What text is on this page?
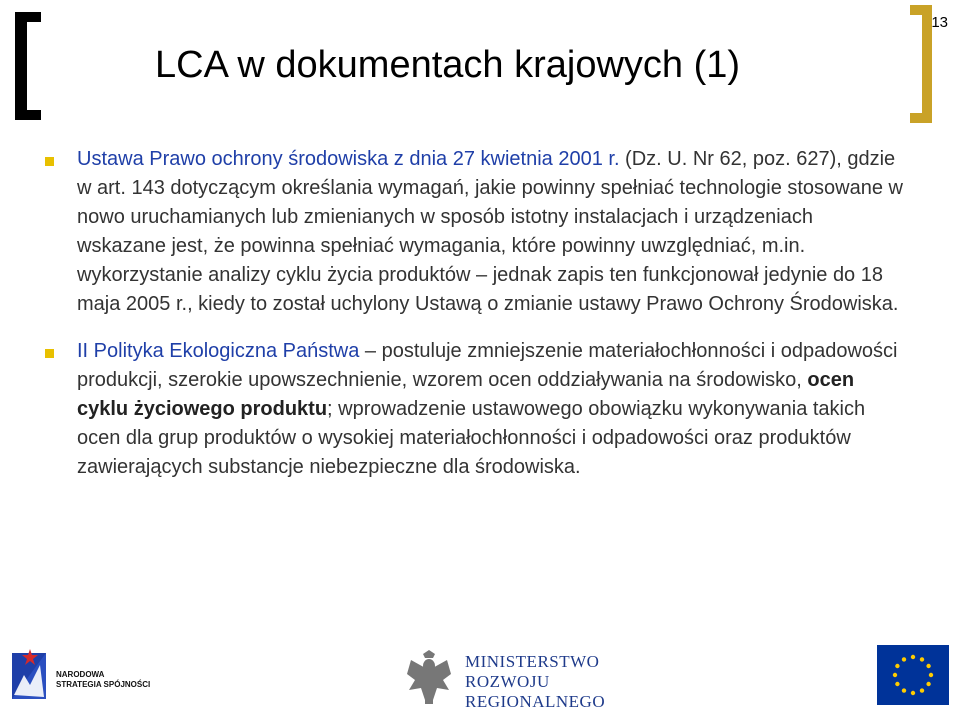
13
LCA w dokumentach krajowych (1)
Ustawa Prawo ochrony środowiska z dnia 27 kwietnia 2001 r. (Dz. U. Nr 62, poz. 627), gdzie w art. 143 dotyczącym określania wymagań, jakie powinny spełniać technologie stosowane w nowo uruchamianych lub zmienianych w sposób istotny instalacjach i urządzeniach wskazane jest, że powinna spełniać wymagania, które powinny uwzględniać, m.in. wykorzystanie analizy cyklu życia produktów – jednak zapis ten funkcjonował jedynie do 18 maja 2005 r., kiedy to został uchylony Ustawą o zmianie ustawy Prawo Ochrony Środowiska.
II Polityka Ekologiczna Państwa – postuluje zmniejszenie materiałochłonności i odpadowości produkcji, szerokie upowszechnienie, wzorem ocen oddziaływania na środowisko, ocen cyklu życiowego produktu; wprowadzenie ustawowego obowiązku wykonywania takich ocen dla grup produktów o wysokiej materiałochłonności i odpadowości oraz produktów zawierających substancje niebezpieczne dla środowiska.
NARODOWA
STRATEGIA SPÓJNOŚCI
MINISTERSTWO
ROZWOJU
REGIONALNEGO
